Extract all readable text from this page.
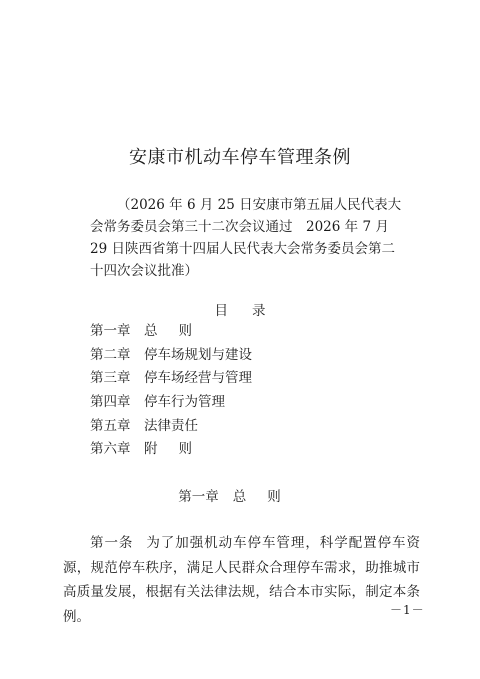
安康市机动车停车管理条例

（2026 年 6 月 25 日安康市第五届人民代表大会常务委员会第三十二次会议通过　2026 年 7 月 29 日陕西省第十四届人民代表大会常务委员会第二十四次会议批准）

目录
第一章 总则
第二章 停车场规划与建设
第三章 停车场经营与管理
第四章 停车行为管理
第五章 法律责任
第六章 附则
第一章 总则

第一条 为了加强机动车停车管理，科学配置停车资源，规范停车秩序，满足人民群众合理停车需求，助推城市高质量发展，根据有关法律法规，结合本市实际，制定本条例。	－1－
